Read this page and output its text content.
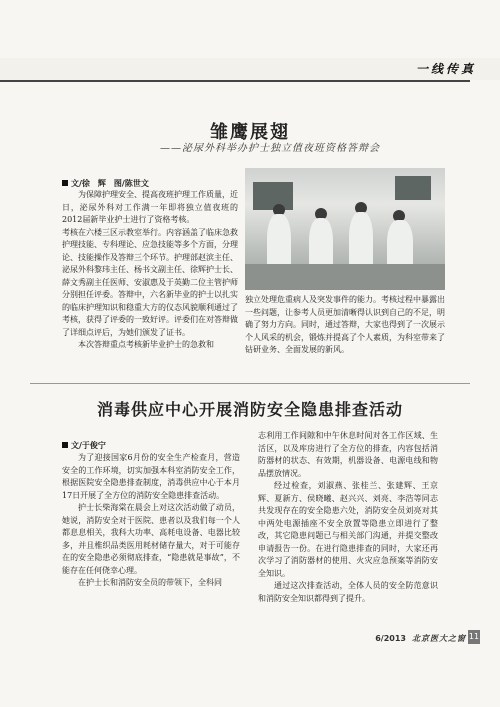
一线传真
雏鹰展翅
——泌尿外科举办护士独立值夜班资格答辩会
文/徐　辉　图/陈世文

为保障护理安全、提高夜班护理工作质量，近日，泌尿外科对工作满一年即将独立值夜班的2012届新毕业护士进行了资格考核。

考核在六楼三区示教室举行。内容涵盖了临床急救护理技能、专科理论、应急技能等多个方面，分理论、技能操作及答辩三个环节。护理部赵滨主任、泌尿外科黎玮主任、杨书文副主任、徐辉护士长、薛文秀副主任医师、安淑惠及于英勤二位主管护师分别担任评委。答辩中，六名新毕业的护士以扎实的临床护理知识和稳重大方的仪态风貌顺利通过了考核，获得了评委的一致好评。评委们在对答辩做了详细点评后，为她们颁发了证书。

本次答辩重点考核新毕业护士的急救和

独立处理危重病人及突发事件的能力。考核过程中暴露出一些问题，让参考人员更加清晰得认识到自己的不足，明确了努力方向。同时，通过答辩，大家也得到了一次展示个人风采的机会，锻炼并提高了个人素质，为科室带来了钻研业务、全面发展的新风。

消毒供应中心开展消防安全隐患排查活动
文/于俊宁

为了迎接国家6月份的安全生产检查月，营造安全的工作环境，切实加强本科室消防安全工作，根据医院安全隐患排查制度，消毒供应中心于本月17日开展了全方位的消防安全隐患排查活动。

护士长柴海棠在晨会上对这次活动做了动员，她说，消防安全对于医院、患者以及我们每一个人都息息相关，我科大功率、高耗电设备、电器比较多，并且椎织品类医用耗材储存量大，对于可能存在的安全隐患必须彻底排查，“隐患就是事故”，不能存在任何侥幸心理。

在护士长和消防安全员的带领下，全科同

志利用工作间隙和中午休息时间对各工作区域、生活区，以及库房进行了全方位的排查，内容包括消防器材的状态、有效期，机器设备、电源电线和物品摆放情况。

经过检查，刘淑燕、张桂兰、张建辉、王京辉、夏新方、侯晓曦、赵兴兴、刘亮、李浩等同志共发现存在的安全隐患六处，消防安全员刘亮对其中两处电源插座不安全放置等隐患立即进行了整改，其它隐患问题已与相关部门沟通，并提交整改申请报告一份。在进行隐患排查的同时，大家还再次学习了消防器材的使用、火灾应急预案等消防安全知识。

通过这次排查活动，全体人员的安全防范意识和消防安全知识都得到了提升。

6/2013 北京医大之窗 11
